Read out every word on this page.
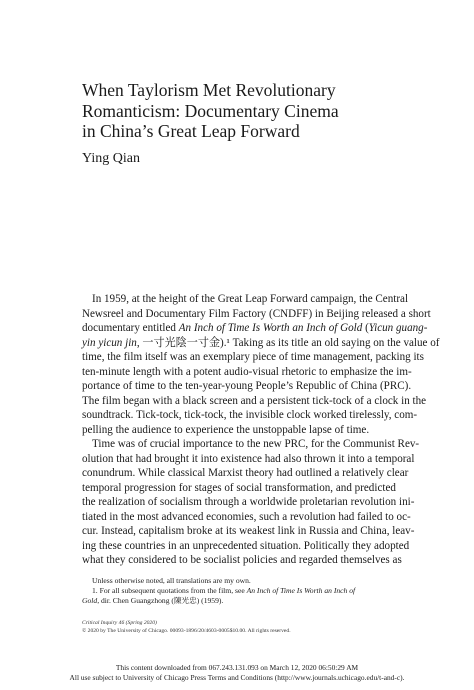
When Taylorism Met Revolutionary
Romanticism: Documentary Cinema
in China’s Great Leap Forward
Ying Qian

In 1959, at the height of the Great Leap Forward campaign, the Central
Newsreel and Documentary Film Factory (CNDFF) in Beijing released a short
documentary entitled An Inch of Time Is Worth an Inch of Gold (Yicun guang-
yin yicun jin, 一寸光陰一寸金).¹ Taking as its title an old saying on the value of
time, the film itself was an exemplary piece of time management, packing its
ten-minute length with a potent audio-visual rhetoric to emphasize the im-
portance of time to the ten-year-young People’s Republic of China (PRC).
The film began with a black screen and a persistent tick-tock of a clock in the
soundtrack. Tick-tock, tick-tock, the invisible clock worked tirelessly, com-
pelling the audience to experience the unstoppable lapse of time.

Time was of crucial importance to the new PRC, for the Communist Rev-
olution that had brought it into existence had also thrown it into a temporal
conundrum. While classical Marxist theory had outlined a relatively clear
temporal progression for stages of social transformation, and predicted
the realization of socialism through a worldwide proletarian revolution ini-
tiated in the most advanced economies, such a revolution had failed to oc-
cur. Instead, capitalism broke at its weakest link in Russia and China, leav-
ing these countries in an unprecedented situation. Politically they adopted
what they considered to be socialist policies and regarded themselves as

Unless otherwise noted, all translations are my own.
1. For all subsequent quotations from the film, see An Inch of Time Is Worth an Inch of
Gold, dir. Chen Guangzhong (陳光忠) (1959).
Critical Inquiry 46 (Spring 2020)
© 2020 by The University of Chicago. 00093-1896/20/4603-0005$10.00. All rights reserved.
This content downloaded from 067.243.131.093 on March 12, 2020 06:50:29 AM
All use subject to University of Chicago Press Terms and Conditions (http://www.journals.uchicago.edu/t-and-c).
